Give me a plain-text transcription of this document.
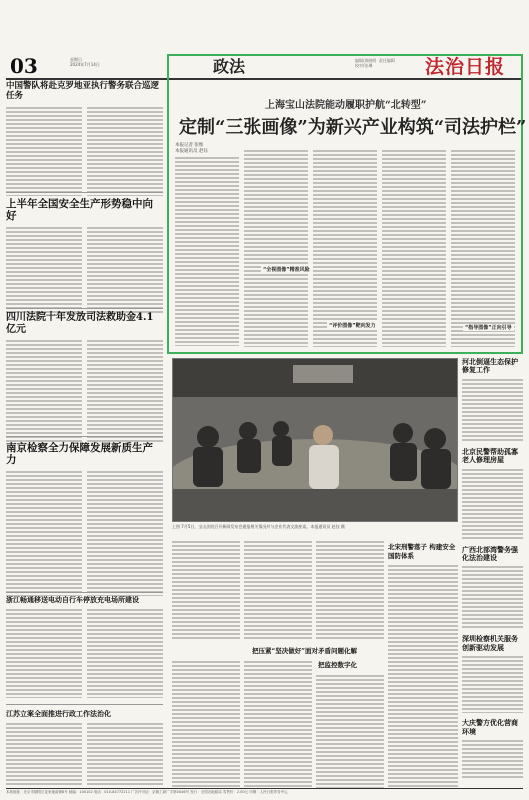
03	星期日
2024年7月14日	政法	编辑/周晓明  责任编辑
校对/张琳	法治日报
中国警队将赴克罗地亚执行警务联合巡逻任务
上半年全国安全生产形势稳中向好
四川法院十年发放司法救助金4.1亿元
南京检察全力保障发展新质生产力
浙江畅通移送电动自行车停放充电场所建设
江苏立案全面推进行政工作法治化
上海宝山法院能动履职护航“北转型”
定制“三张画像”为新兴产业构筑“司法护栏”
本报记者 张维
本报通讯员 赵钰
“全视图像”精准风险
“评价图像”靶向发力	“指导图像”正向引导
上图 7月5日，宝山法院召开新闻发布会通报相关情况并与企业代表交流座谈。本报通讯员 赵钰 摄
北宋刑警落子 构建安全国防体系
把压紧“坚决做好”面对矛盾问题化解
把监控数字化
河北倒逼生态保护修复工作
北京民警帮助孤寡老人修理房屋
广西北部湾警务强化法治建设
深圳检察机关服务创新驱动发展
大庆警方优化营商环境
本报地址：北京市朝阳区花家地南街8号 邮编：100102 电话：010-84772211 广告许可证：京朝工商广字第0046号 发行：全国各地邮局 零售价：2.00元 印刷：人民日报印务中心
